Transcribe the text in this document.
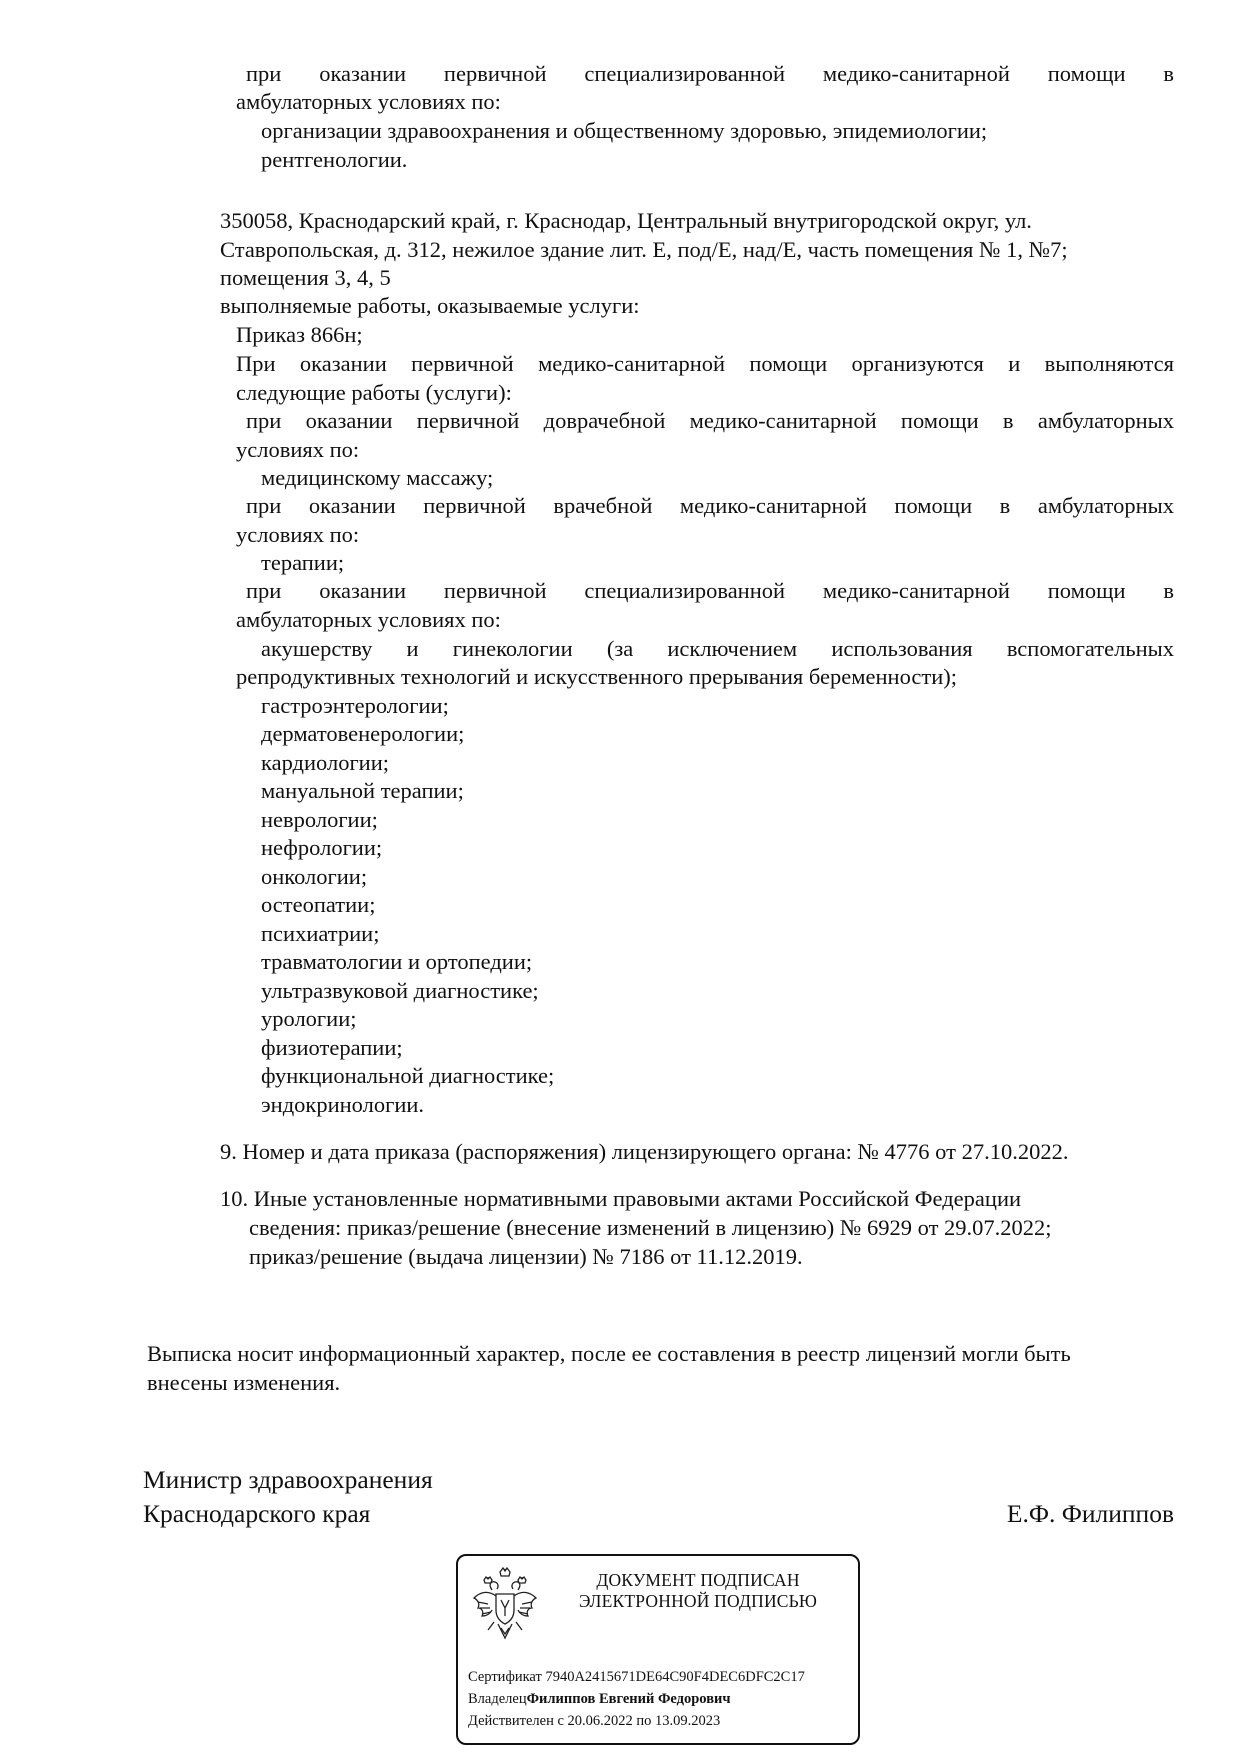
при оказании первичной специализированной медико-санитарной помощи в
амбулаторных условиях по:
организации здравоохранения и общественному здоровью, эпидемиологии;
рентгенологии.
350058, Краснодарский край, г. Краснодар, Центральный внутригородской округ, ул.
Ставропольская, д. 312, нежилое здание лит. Е, под/Е, над/Е, часть помещения № 1, №7;
помещения 3, 4, 5
выполняемые работы, оказываемые услуги:
Приказ 866н;
При оказании первичной медико-санитарной помощи организуются и выполняются
следующие работы (услуги):
при оказании первичной доврачебной медико-санитарной помощи в амбулаторных
условиях по:
медицинскому массажу;
при оказании первичной врачебной медико-санитарной помощи в амбулаторных
условиях по:
терапии;
при оказании первичной специализированной медико-санитарной помощи в
амбулаторных условиях по:
акушерству и гинекологии (за исключением использования вспомогательных
репродуктивных технологий и искусственного прерывания беременности);
гастроэнтерологии;
дерматовенерологии;
кардиологии;
мануальной терапии;
неврологии;
нефрологии;
онкологии;
остеопатии;
психиатрии;
травматологии и ортопедии;
ультразвуковой диагностике;
урологии;
физиотерапии;
функциональной диагностике;
эндокринологии.
9. Номер и дата приказа (распоряжения) лицензирующего органа: № 4776 от 27.10.2022.
10. Иные установленные нормативными правовыми актами Российской Федерации
сведения: приказ/решение (внесение изменений в лицензию) № 6929 от 29.07.2022;
приказ/решение (выдача лицензии) № 7186 от 11.12.2019.
Выписка носит информационный характер, после ее составления в реестр лицензий могли быть
внесены изменения.
Министр здравоохранения
Краснодарского края	Е.Ф. Филиппов
ДОКУМЕНТ ПОДПИСАН
ЭЛЕКТРОННОЙ ПОДПИСЬЮ
Сертификат 7940A2415671DE64C90F4DEC6DFC2C17
ВладелецФилиппов Евгений Федорович
Действителен с 20.06.2022 по 13.09.2023
